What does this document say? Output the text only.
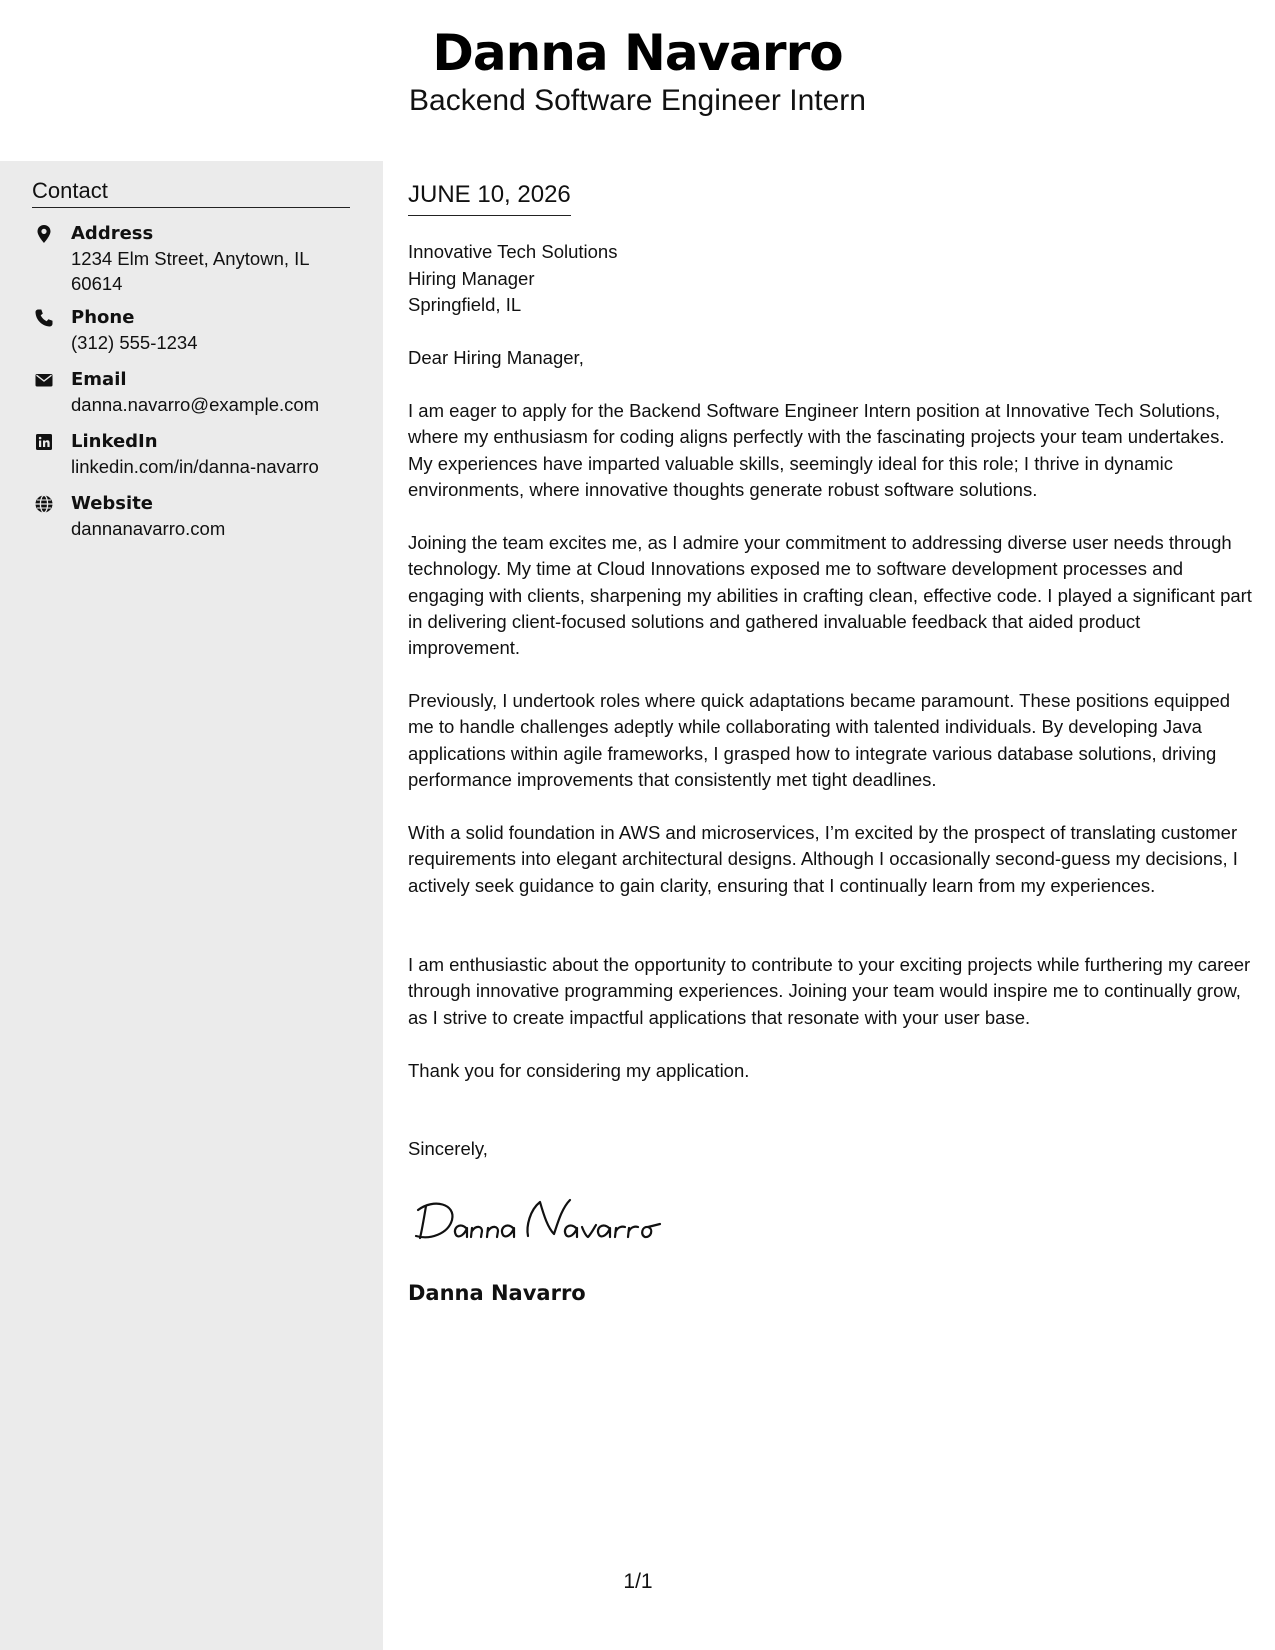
Danna Navarro
Backend Software Engineer Intern
Contact
Address
1234 Elm Street, Anytown, IL 60614
Phone
(312) 555-1234
Email
danna.navarro@example.com
LinkedIn
linkedin.com/in/danna-navarro
Website
dannanavarro.com
JUNE 10, 2026
Innovative Tech Solutions
Hiring Manager
Springfield, IL
Dear Hiring Manager,
I am eager to apply for the Backend Software Engineer Intern position at Innovative Tech Solutions, where my enthusiasm for coding aligns perfectly with the fascinating projects your team undertakes. My experiences have imparted valuable skills, seemingly ideal for this role; I thrive in dynamic environments, where innovative thoughts generate robust software solutions.
Joining the team excites me, as I admire your commitment to addressing diverse user needs through technology. My time at Cloud Innovations exposed me to software development processes and engaging with clients, sharpening my abilities in crafting clean, effective code. I played a significant part in delivering client-focused solutions and gathered invaluable feedback that aided product improvement.
Previously, I undertook roles where quick adaptations became paramount. These positions equipped me to handle challenges adeptly while collaborating with talented individuals. By developing Java applications within agile frameworks, I grasped how to integrate various database solutions, driving performance improvements that consistently met tight deadlines.
With a solid foundation in AWS and microservices, I’m excited by the prospect of translating customer requirements into elegant architectural designs. Although I occasionally second-guess my decisions, I actively seek guidance to gain clarity, ensuring that I continually learn from my experiences.
I am enthusiastic about the opportunity to contribute to your exciting projects while furthering my career through innovative programming experiences. Joining your team would inspire me to continually grow, as I strive to create impactful applications that resonate with your user base.
Thank you for considering my application.
Sincerely,
Danna Navarro
1/1
